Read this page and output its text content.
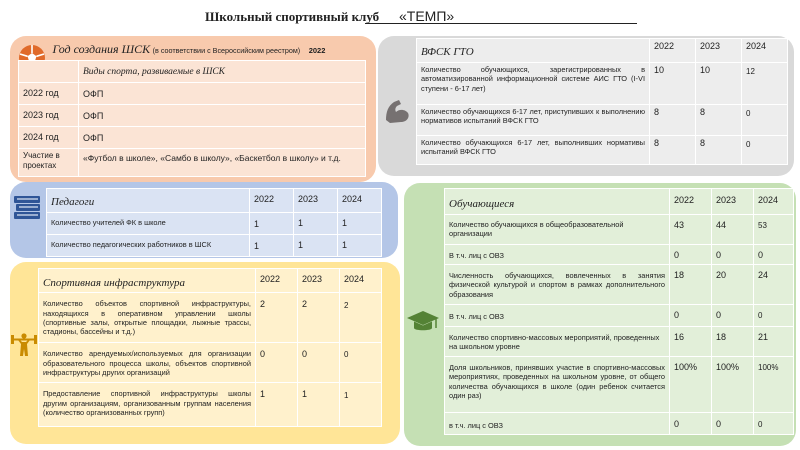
Школьный спортивный клуб «ТЕМП»
Год создания ШСК (в соответствии с Всероссийским реестром) 2022	
	Виды спорта, развиваемые в ШСК
2022 год	ОФП
2023 год	ОФП
2024 год	ОФП
Участие в проектах	«Футбол в школе», «Самбо в школу», «Баскетбол в школу» и т.д.
ВФСК ГТО	2022	2023	2024
Количество обучающихся, зарегистрированных в автоматизированной информационной системе АИС ГТО (I-VI ступени - 6-17 лет)	10	10	12
Количество обучающихся 6-17 лет, приступивших к выполнению нормативов испытаний ВФСК ГТО	8	8	0
Количество обучающихся 6-17 лет, выполнивших нормативы испытаний ВФСК ГТО	8	8	0
Педагоги	2022	2023	2024
Количество учителей ФК в школе	1	1	1
Количество педагогических работников в ШСК	1	1	1
Спортивная инфраструктура	2022	2023	2024
Количество объектов спортивной инфраструктуры, находящихся в оперативном управлении школы (спортивные залы, открытые площадки, лыжные трассы, стадионы, бассейны и т.д.)	2	2	2
Количество арендуемых/используемых для организации образовательного процесса школы, объектов спортивной инфраструктуры других организаций	0	0	0
Предоставление спортивной инфраструктуры школы другим организациям, организованным группам населения (количество организованных групп)	1	1	1
Обучающиеся	2022	2023	2024
Количество обучающихся в общеобразовательной организации	43	44	53
В т.ч. лиц с ОВЗ	0	0	0
Численность обучающихся, вовлеченных в занятия физической культурой и спортом в рамках дополнительного образования	18	20	24
В т.ч. лиц с ОВЗ	0	0	0
Количество спортивно-массовых мероприятий, проведенных на школьном уровне	16	18	21
Доля школьников, принявших участие в спортивно-массовых мероприятиях, проведенных на школьном уровне, от общего количества обучающихся в школе (один ребенок считается один раз)	100%	100%	100%
в т.ч. лиц с ОВЗ	0	0	0
